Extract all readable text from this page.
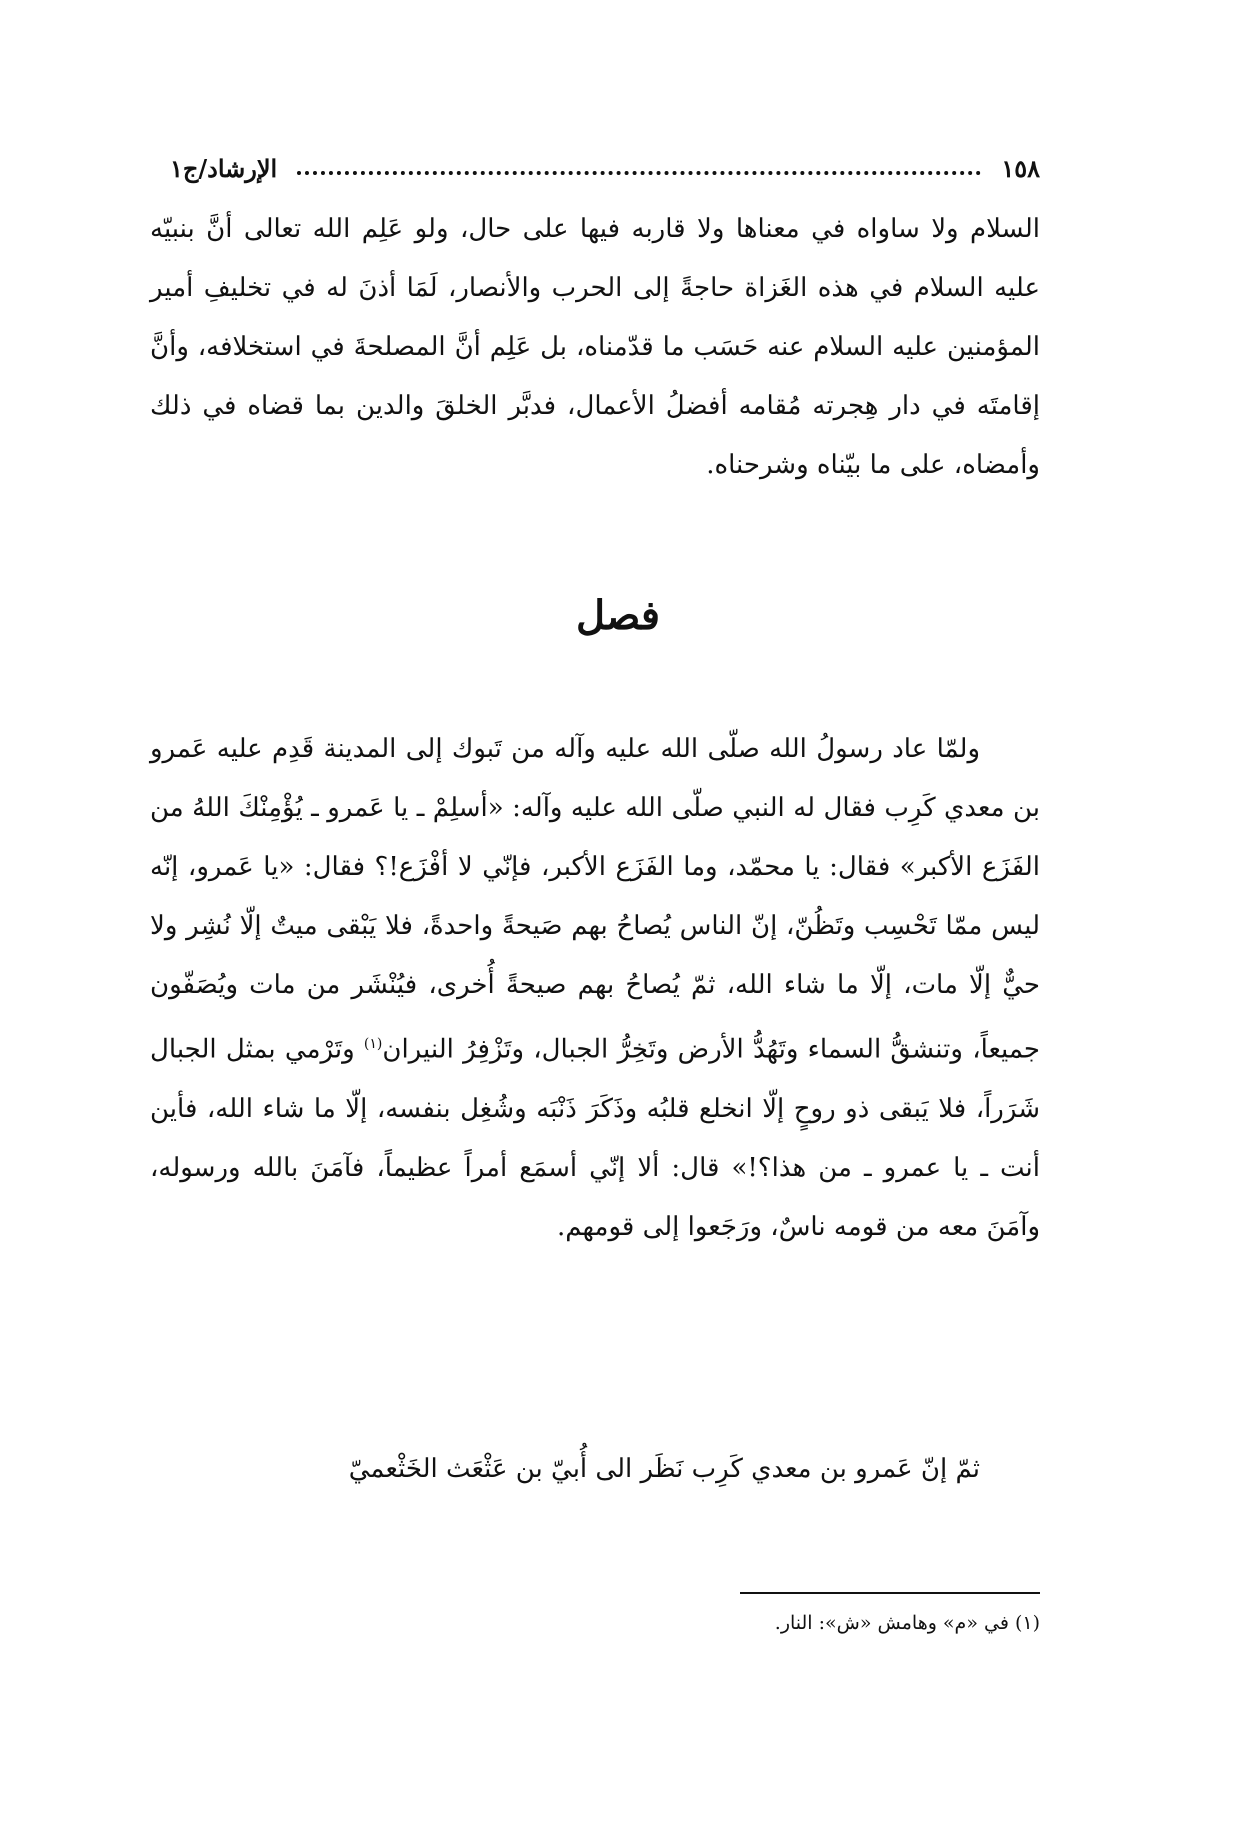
١٥٨
الإرشاد/ج١

السلام ولا ساواه في معناها ولا قاربه فيها على حال، ولو عَلِم الله تعالى أنَّ بنبيّه عليه السلام في هذه الغَزاة حاجةً إلى الحرب والأنصار، لَمَا أذنَ له في تخليفِ أمير المؤمنين عليه السلام عنه حَسَب ما قدّمناه، بل عَلِم أنَّ المصلحةَ في استخلافه، وأنَّ إقامتَه في دار هِجرته مُقامه أفضلُ الأعمال، فدبَّر الخلقَ والدين بما قضاه في ذلك وأمضاه، على ما بيّناه وشرحناه.

فصل

ولمّا عاد رسولُ الله صلّى الله عليه وآله من تَبوك إلى المدينة قَدِم عليه عَمرو بن معدي كَرِب فقال له النبي صلّى الله عليه وآله: «أسلِمْ ـ يا عَمرو ـ يُؤْمِنْكَ اللهُ من الفَزَع الأكبر» فقال: يا محمّد، وما الفَزَع الأكبر، فإنّي لا أفْزَع!؟ فقال: «يا عَمرو، إنّه ليس ممّا تَحْسِب وتَظُنّ، إنّ الناس يُصاحُ بهم صَيحةً واحدةً، فلا يَبْقى ميتٌ إلّا نُشِر ولا حيٌّ إلّا مات، إلّا ما شاء الله، ثمّ يُصاحُ بهم صيحةً أُخرى، فيُنْشَر من مات ويُصَفّون جميعاً، وتنشقُّ السماء وتَهُدُّ الأرض وتَخِرُّ الجبال، وتَزْفِرُ النيران$^{(١)}$ وتَرْمي بمثل الجبال شَرَراً، فلا يَبقى ذو روحٍ إلّا انخلع قلبُه وذَكَرَ ذَنْبَه وشُغِل بنفسه، إلّا ما شاء الله، فأين أنت ـ يا عمرو ـ من هذا؟!» قال: ألا إنّي أسمَع أمراً عظيماً، فآمَنَ بالله ورسوله، وآمَنَ معه من قومه ناسٌ، ورَجَعوا إلى قومهم.

ثمّ إنّ عَمرو بن معدي كَرِب نَظَر الى أُبيّ بن عَثْعَث الخَثْعميّ

(١) في «م» وهامش «ش»: النار.
